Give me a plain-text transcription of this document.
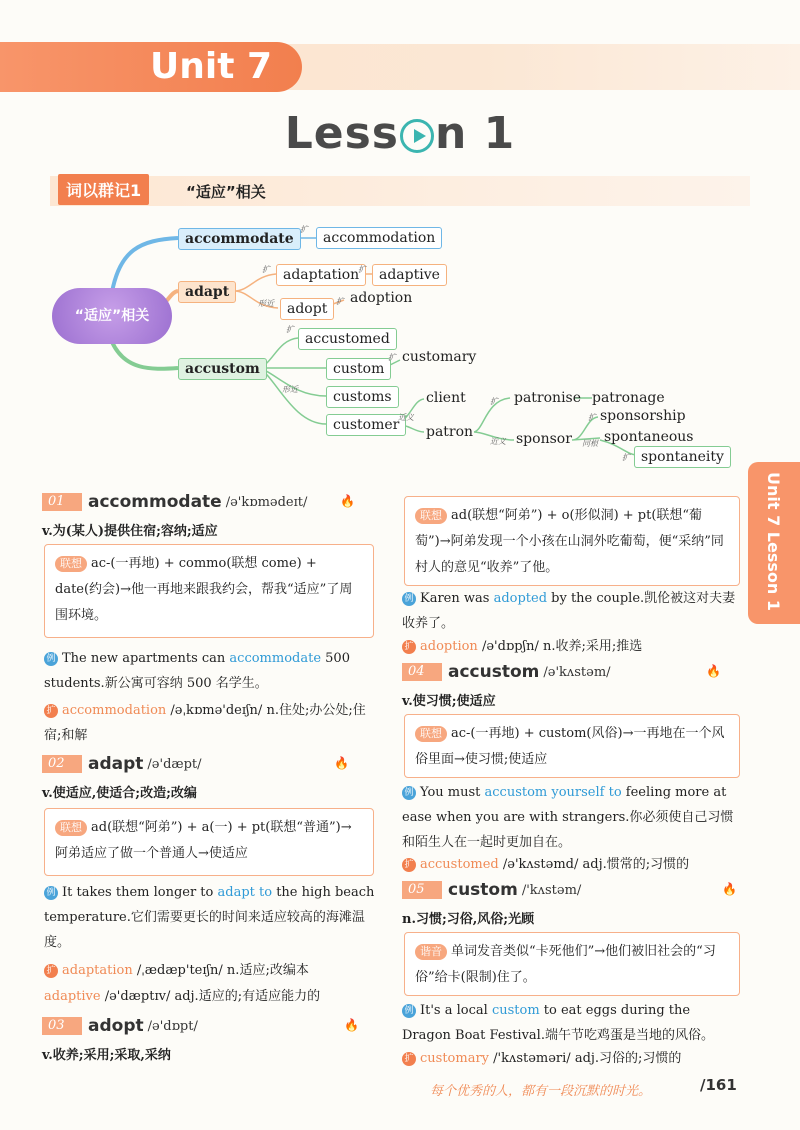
Unit 7
Less n 1
词以群记1	“适应”相关
“适应”相关
accommodate
扩
accommodation
adapt
扩 adaptation
扩 adaptive
形近 adopt	扩 adoption
accustom
扩
accustomed
custom
扩 customary
形近	customs
customer
近义
client
patron
扩 patronise patronage
近义 sponsor
扩 sponsorship
同根 spontaneous
扩 spontaneity
Unit 7 Lesson 1
01	accommodate /ə'kɒmədeɪt/	🔥
v.为(某人)提供住宿;容纳;适应
联想 ac-(一再地) + commo(联想 come) + date(约会)→他一再地来跟我约会，帮我“适应”了周围环境。
例 The new apartments can accommodate 500 students.新公寓可容纳 500 名学生。
扩 accommodation /əˌkɒmə'deɪʃn/ n.住处;办公处;住宿;和解
02	adapt /ə'dæpt/	🔥
v.使适应,使适合;改造;改编
联想 ad(联想“阿弟”) + a(一) + pt(联想“普通”)→阿弟适应了做一个普通人→使适应
例 It takes them longer to adapt to the high beach temperature.它们需要更长的时间来适应较高的海滩温度。
扩 adaptation /ˌædæp'teɪʃn/ n.适应;改编本
adaptive /ə'dæptɪv/ adj.适应的;有适应能力的
03	adopt /ə'dɒpt/	🔥
v.收养;采用;采取,采纳
联想 ad(联想“阿弟”) + o(形似洞) + pt(联想“葡萄”)→阿弟发现一个小孩在山洞外吃葡萄，便“采纳”同村人的意见“收养”了他。
例 Karen was adopted by the couple.凯伦被这对夫妻收养了。
扩 adoption /ə'dɒpʃn/ n.收养;采用;推选
04	accustom /ə'kʌstəm/	🔥
v.使习惯;使适应
联想 ac-(一再地) + custom(风俗)→一再地在一个风俗里面→使习惯;使适应
例 You must accustom yourself to feeling more at ease when you are with strangers.你必须使自己习惯和陌生人在一起时更加自在。
扩 accustomed /ə'kʌstəmd/ adj.惯常的;习惯的
05	custom /'kʌstəm/	🔥
n.习惯;习俗,风俗;光顾
谐音 单词发音类似“卡死他们”→他们被旧社会的“习俗”给卡(限制)住了。
例 It's a local custom to eat eggs during the Dragon Boat Festival.端午节吃鸡蛋是当地的风俗。
扩 customary /'kʌstəməri/ adj.习俗的;习惯的
每个优秀的人，都有一段沉默的时光。	/161
